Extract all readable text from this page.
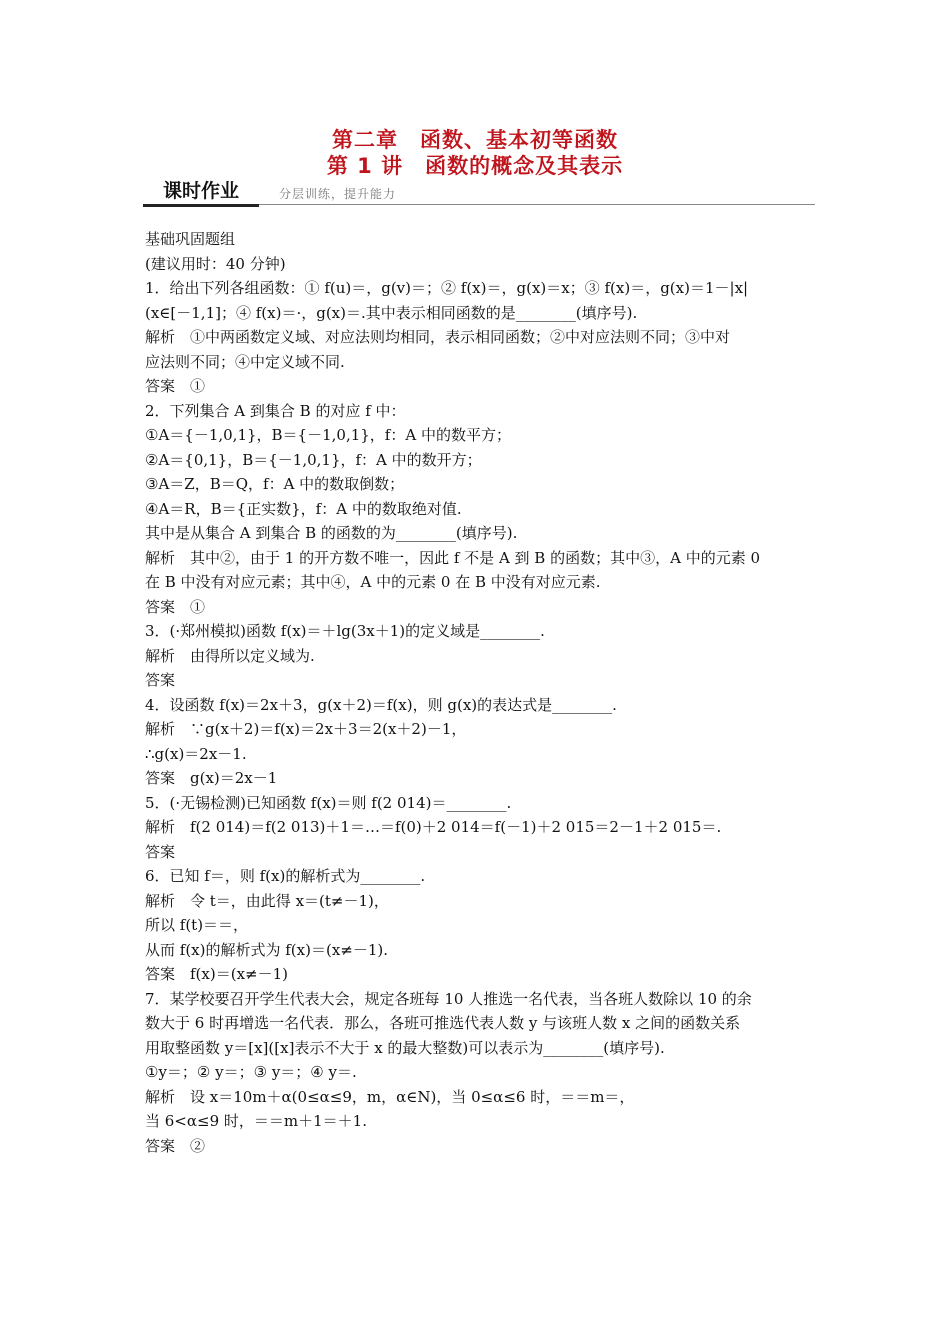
第二章　函数、基本初等函数
第 1 讲　函数的概念及其表示
课时作业	分层训练，提升能力
基础巩固题组
(建议用时：40 分钟)
1．给出下列各组函数：① f(u)＝，g(v)＝；② f(x)＝，g(x)＝x；③ f(x)＝，g(x)＝1－|x|
(x∈[－1,1]；④ f(x)＝·，g(x)＝.其中表示相同函数的是________(填序号).
解析　①中两函数定义域、对应法则均相同，表示相同函数；②中对应法则不同；③中对
应法则不同；④中定义域不同.
答案　①
2．下列集合 A 到集合 B 的对应 f 中：
①A＝{－1,0,1}，B＝{－1,0,1}，f：A 中的数平方；
②A＝{0,1}，B＝{－1,0,1}，f：A 中的数开方；
③A＝Z，B＝Q，f：A 中的数取倒数；
④A＝R，B＝{正实数}，f：A 中的数取绝对值.
其中是从集合 A 到集合 B 的函数的为________(填序号).
解析　其中②，由于 1 的开方数不唯一，因此 f 不是 A 到 B 的函数；其中③，A 中的元素 0
在 B 中没有对应元素；其中④，A 中的元素 0 在 B 中没有对应元素.
答案　①
3．(·郑州模拟)函数 f(x)＝＋lg(3x＋1)的定义域是________.
解析　由得所以定义域为.
答案
4．设函数 f(x)＝2x＋3，g(x＋2)＝f(x)，则 g(x)的表达式是________.
解析　∵g(x＋2)＝f(x)＝2x＋3＝2(x＋2)－1，
∴g(x)＝2x－1.
答案　g(x)＝2x－1
5．(·无锡检测)已知函数 f(x)＝则 f(2 014)＝________.
解析　f(2 014)＝f(2 013)＋1＝…＝f(0)＋2 014＝f(－1)＋2 015＝2－1＋2 015＝.
答案
6．已知 f＝，则 f(x)的解析式为________.
解析　令 t＝，由此得 x＝(t≠－1)，
所以 f(t)＝＝，
从而 f(x)的解析式为 f(x)＝(x≠－1).
答案　f(x)＝(x≠－1)
7．某学校要召开学生代表大会，规定各班每 10 人推选一名代表，当各班人数除以 10 的余
数大于 6 时再增选一名代表．那么，各班可推选代表人数 y 与该班人数 x 之间的函数关系
用取整函数 y＝[x]([x]表示不大于 x 的最大整数)可以表示为________(填序号).
①y＝；② y＝；③ y＝；④ y＝.
解析　设 x＝10m＋α(0≤α≤9，m，α∈N)，当 0≤α≤6 时，＝＝m＝，
当 6<α≤9 时，＝＝m＋1＝＋1.
答案　②
